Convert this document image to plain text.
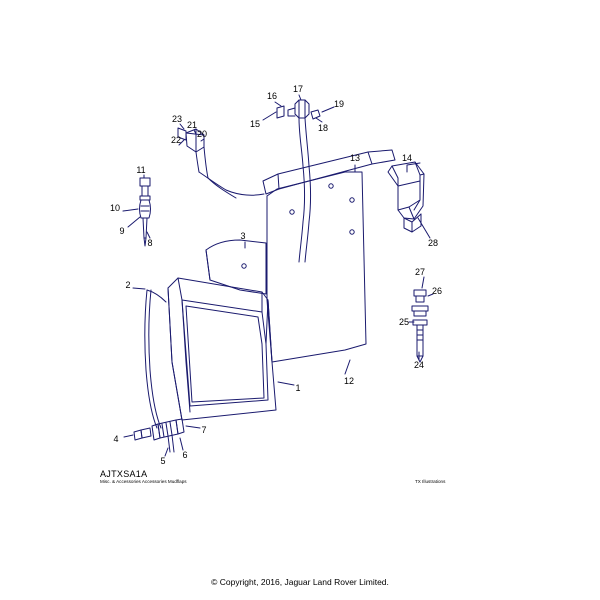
1
2
3
4
5
6
7
8
9
10
11
12
13	14
15
16
17
18
19
20
21
22
23
24
25
26
27
28
AJTXSA1A
Misc. & Accessories Accessories Mudflaps	TX Illustrations
© Copyright, 2016, Jaguar Land Rover Limited.
